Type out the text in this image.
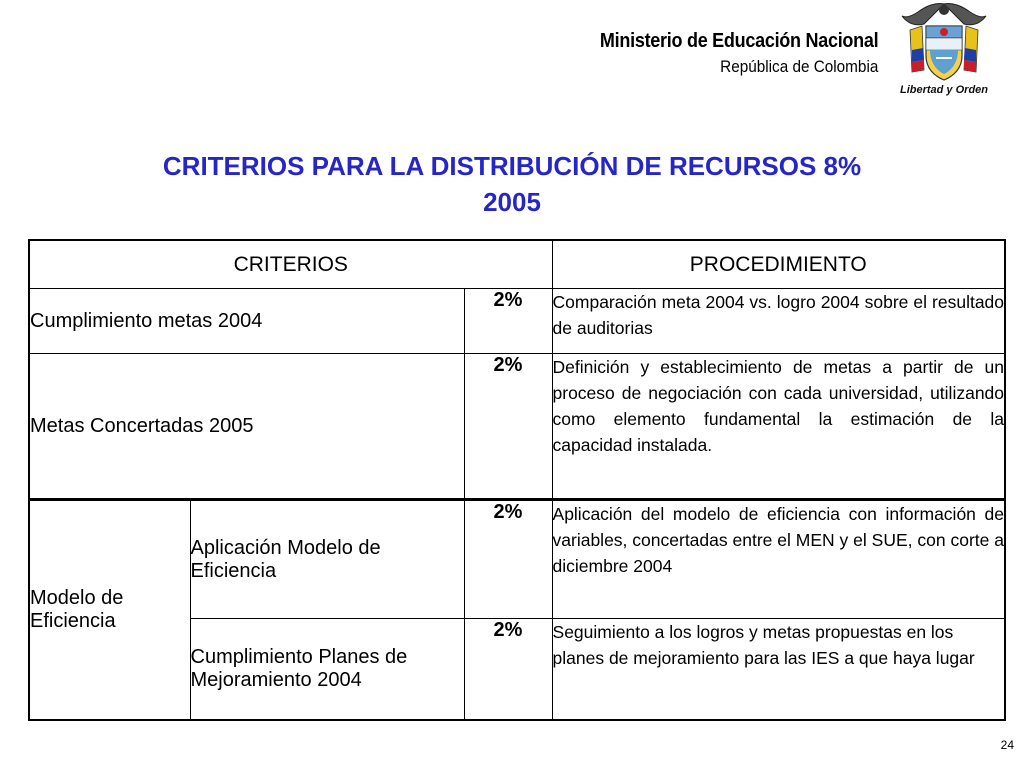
Ministerio de Educación Nacional
República de Colombia
Libertad y Orden
CRITERIOS PARA LA DISTRIBUCIÓN DE RECURSOS 8%
2005
CRITERIOS			PROCEDIMIENTO
Cumplimiento metas 2004		2%	Comparación meta 2004 vs. logro 2004 sobre el resultado de auditorias
Metas Concertadas 2005		2%	Definición y establecimiento de metas a partir de un proceso de negociación con cada universidad, utilizando como elemento fundamental la estimación de la capacidad instalada.
Modelo de Eficiencia	Aplicación Modelo de Eficiencia	2%	Aplicación del modelo de eficiencia con información de variables, concertadas entre el MEN y el SUE, con corte a diciembre 2004
	Cumplimiento Planes de Mejoramiento 2004	2%	Seguimiento a los logros y metas propuestas en los planes de mejoramiento para las IES a que haya lugar
24
